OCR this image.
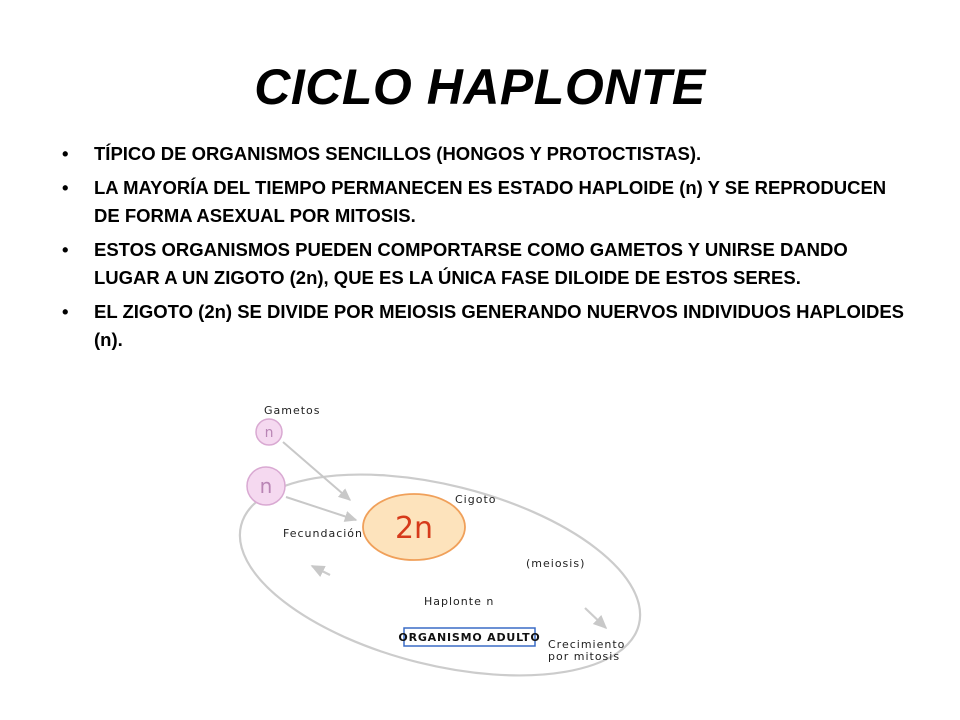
CICLO HAPLONTE
• TÍPICO DE ORGANISMOS SENCILLOS (HONGOS Y PROTOCTISTAS).
• LA MAYORÍA DEL TIEMPO PERMANECEN ES ESTADO HAPLOIDE (n) Y SE REPRODUCEN DE FORMA ASEXUAL POR MITOSIS.
• ESTOS ORGANISMOS PUEDEN COMPORTARSE COMO GAMETOS Y UNIRSE DANDO LUGAR A UN ZIGOTO (2n), QUE ES LA ÚNICA FASE DILOIDE DE ESTOS SERES.
• EL ZIGOTO (2n) SE DIVIDE POR MEIOSIS GENERANDO NUERVOS INDIVIDUOS HAPLOIDES (n).
n
n
2n
Gametos
Cigoto
Fecundación
(meiosis)
Haplonte n
ORGANISMO ADULTO
Crecimiento
por mitosis
